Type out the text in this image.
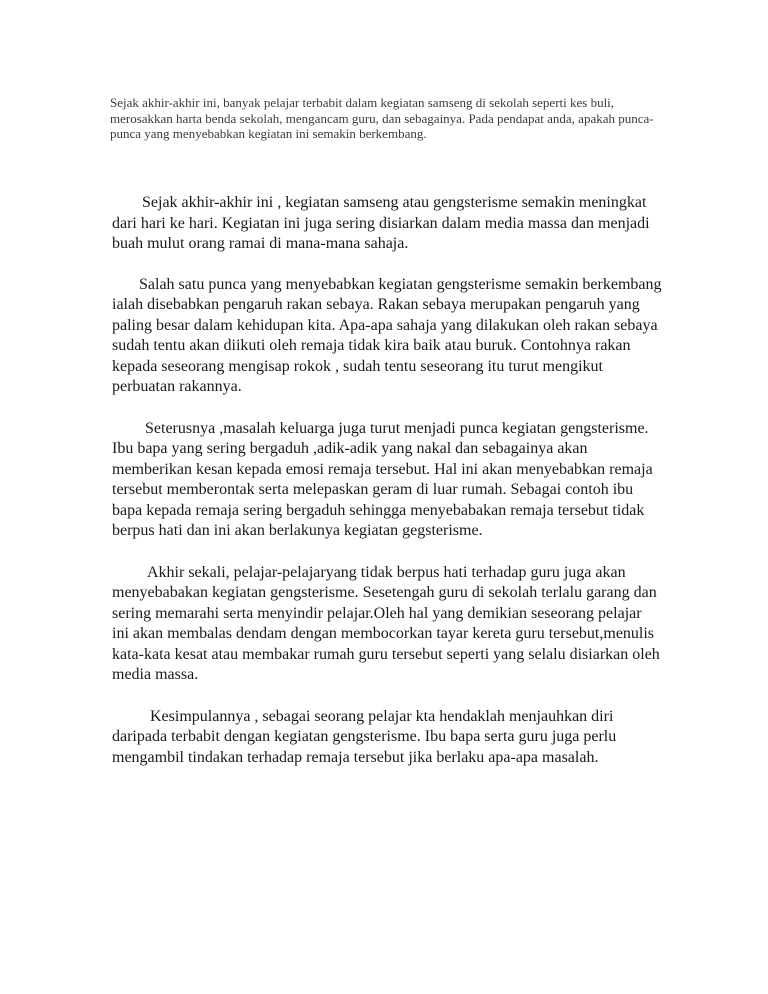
Sejak akhir-akhir ini, banyak pelajar terbabit dalam kegiatan samseng di sekolah seperti kes buli, merosakkan harta benda sekolah, mengancam guru, dan sebagainya. Pada pendapat anda, apakah punca-punca yang menyebabkan kegiatan ini semakin berkembang.

Sejak akhir-akhir ini , kegiatan samseng atau gengsterisme semakin meningkat dari hari ke hari. Kegiatan ini juga sering disiarkan dalam media massa dan menjadi buah mulut orang ramai di mana-mana sahaja.

Salah satu punca yang menyebabkan kegiatan gengsterisme semakin berkembang ialah disebabkan pengaruh rakan sebaya. Rakan sebaya merupakan pengaruh yang paling besar dalam kehidupan kita. Apa-apa sahaja yang dilakukan oleh rakan sebaya sudah tentu akan diikuti oleh remaja tidak kira baik atau buruk. Contohnya rakan kepada seseorang mengisap rokok , sudah tentu seseorang itu turut mengikut perbuatan rakannya.

Seterusnya ,masalah keluarga juga turut menjadi punca kegiatan gengsterisme. Ibu bapa yang sering bergaduh ,adik-adik yang nakal dan sebagainya akan memberikan kesan kepada emosi remaja tersebut. Hal ini akan menyebabkan remaja tersebut memberontak serta melepaskan geram di luar rumah. Sebagai contoh ibu bapa kepada remaja sering bergaduh sehingga menyebabakan remaja tersebut tidak berpus hati dan ini akan berlakunya kegiatan gegsterisme.

Akhir sekali, pelajar-pelajaryang tidak berpus hati terhadap guru juga akan menyebabakan kegiatan gengsterisme. Sesetengah guru di sekolah terlalu garang dan sering memarahi serta menyindir pelajar.Oleh hal yang demikian seseorang pelajar ini akan membalas dendam dengan membocorkan tayar kereta guru tersebut,menulis kata-kata kesat atau membakar rumah guru tersebut seperti yang selalu disiarkan oleh media massa.

Kesimpulannya , sebagai seorang pelajar kta hendaklah menjauhkan diri daripada terbabit dengan kegiatan gengsterisme. Ibu bapa serta guru juga perlu mengambil tindakan terhadap remaja tersebut jika berlaku apa-apa masalah.
